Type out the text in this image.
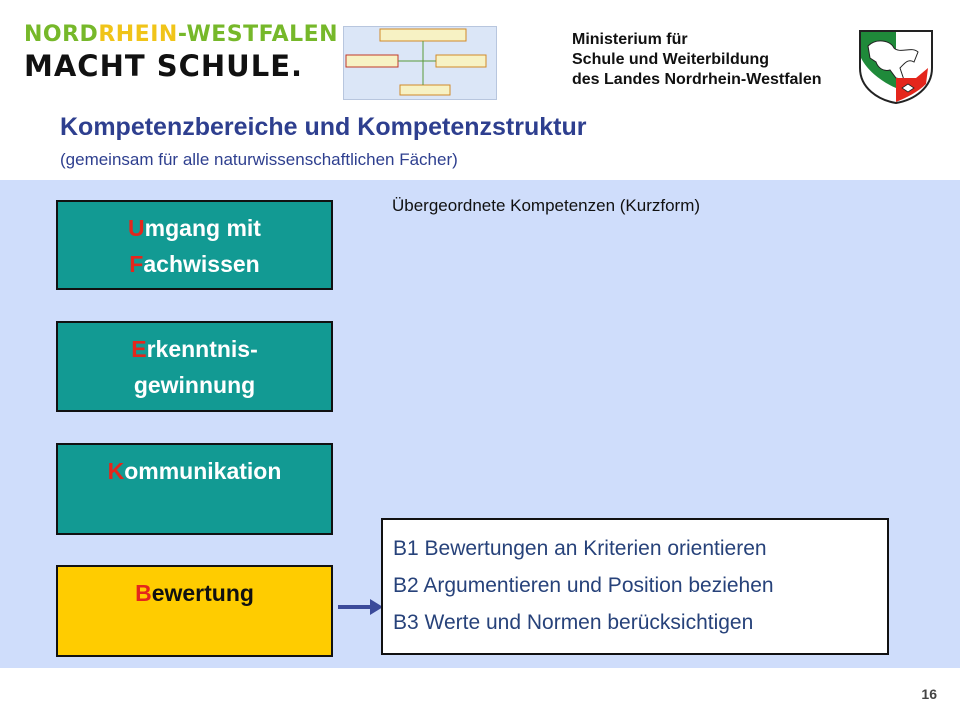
NORDRHEIN-WESTFALEN
MACHT SCHULE.
Ministerium für
Schule und Weiterbildung
des Landes Nordrhein-Westfalen
Kompetenzbereiche und Kompetenzstruktur
(gemeinsam für alle naturwissenschaftlichen Fächer)
Übergeordnete Kompetenzen (Kurzform)
Umgang mit
Fachwissen
Erkenntnis-
gewinnung
Kommunikation
Bewertung
B1 Bewertungen an Kriterien orientieren
B2 Argumentieren und Position beziehen
B3 Werte und Normen berücksichtigen
16
